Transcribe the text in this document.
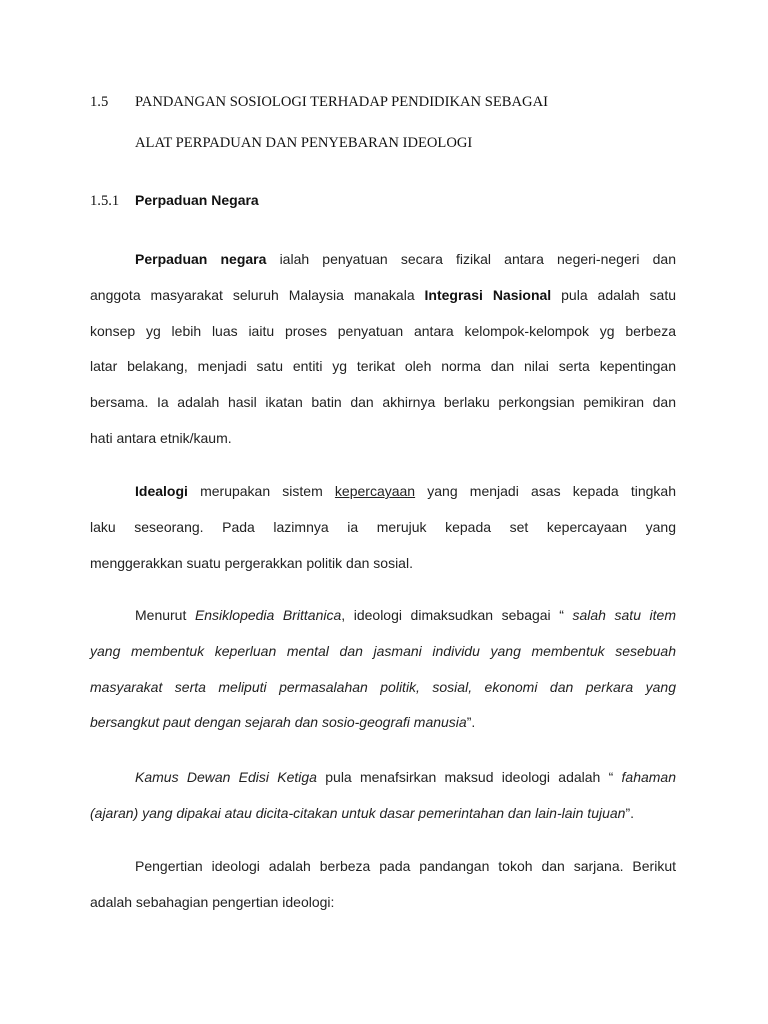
1.5 PANDANGAN SOSIOLOGI TERHADAP PENDIDIKAN SEBAGAI
ALAT PERPADUAN DAN PENYEBARAN IDEOLOGI
1.5.1 Perpaduan Negara
Perpaduan negara ialah penyatuan secara fizikal antara negeri-negeri dan
anggota masyarakat seluruh Malaysia manakala Integrasi Nasional pula adalah satu
konsep yg lebih luas iaitu proses penyatuan antara kelompok-kelompok yg berbeza
latar belakang, menjadi satu entiti yg terikat oleh norma dan nilai serta kepentingan
bersama. Ia adalah hasil ikatan batin dan akhirnya berlaku perkongsian pemikiran dan
hati antara etnik/kaum.
Idealogi merupakan sistem kepercayaan yang menjadi asas kepada tingkah
laku seseorang. Pada lazimnya ia merujuk kepada set kepercayaan yang
menggerakkan suatu pergerakkan politik dan sosial.
Menurut Ensiklopedia Brittanica, ideologi dimaksudkan sebagai “ salah satu item
yang membentuk keperluan mental dan jasmani individu yang membentuk sesebuah
masyarakat serta meliputi permasalahan politik, sosial, ekonomi dan perkara yang
bersangkut paut dengan sejarah dan sosio-geografi manusia”.
Kamus Dewan Edisi Ketiga pula menafsirkan maksud ideologi adalah “ fahaman
(ajaran) yang dipakai atau dicita-citakan untuk dasar pemerintahan dan lain-lain tujuan”.
Pengertian ideologi adalah berbeza pada pandangan tokoh dan sarjana. Berikut
adalah sebahagian pengertian ideologi:
